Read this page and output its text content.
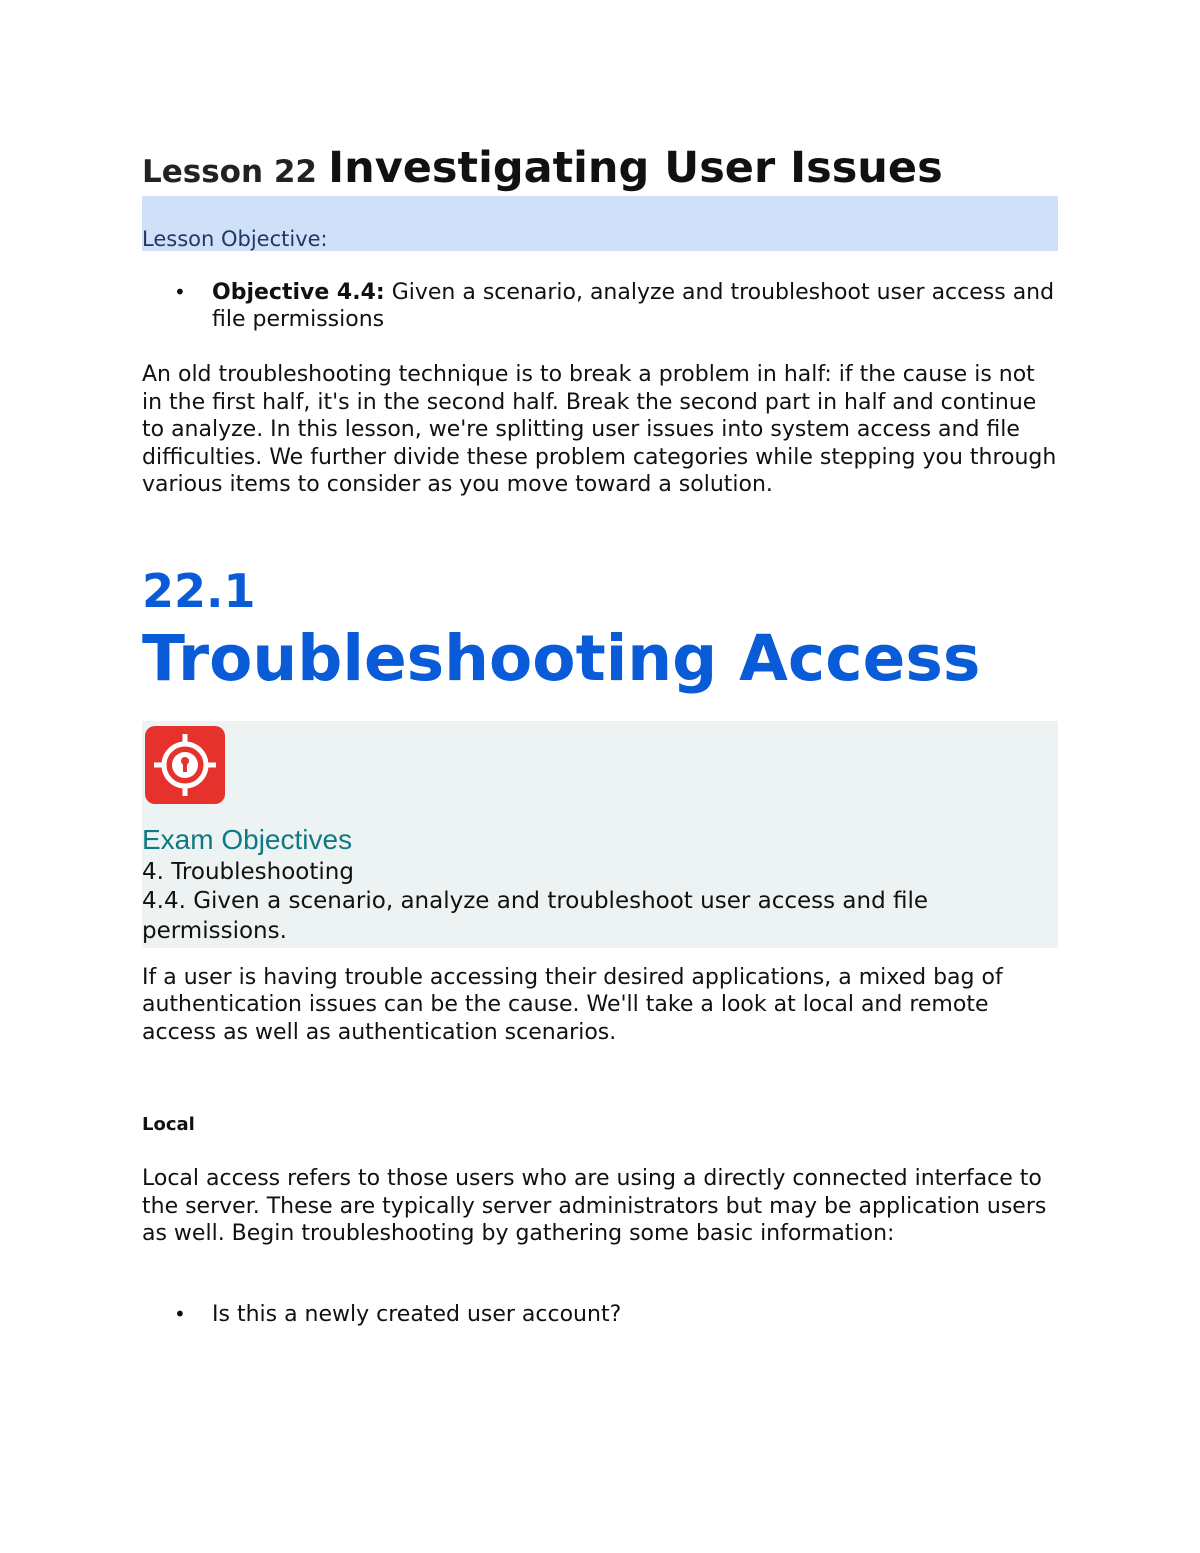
Lesson 22 Investigating User Issues
Lesson Objective:
• Objective 4.4: Given a scenario, analyze and troubleshoot user access and file permissions

An old troubleshooting technique is to break a problem in half: if the cause is not in the first half, it's in the second half. Break the second part in half and continue to analyze. In this lesson, we're splitting user issues into system access and file difficulties. We further divide these problem categories while stepping you through various items to consider as you move toward a solution.

22.1
Troubleshooting Access
Exam Objectives
4. Troubleshooting
4.4. Given a scenario, analyze and troubleshoot user access and file permissions.

If a user is having trouble accessing their desired applications, a mixed bag of authentication issues can be the cause. We'll take a look at local and remote access as well as authentication scenarios.

Local

Local access refers to those users who are using a directly connected interface to the server. These are typically server administrators but may be application users as well. Begin troubleshooting by gathering some basic information:

• Is this a newly created user account?
